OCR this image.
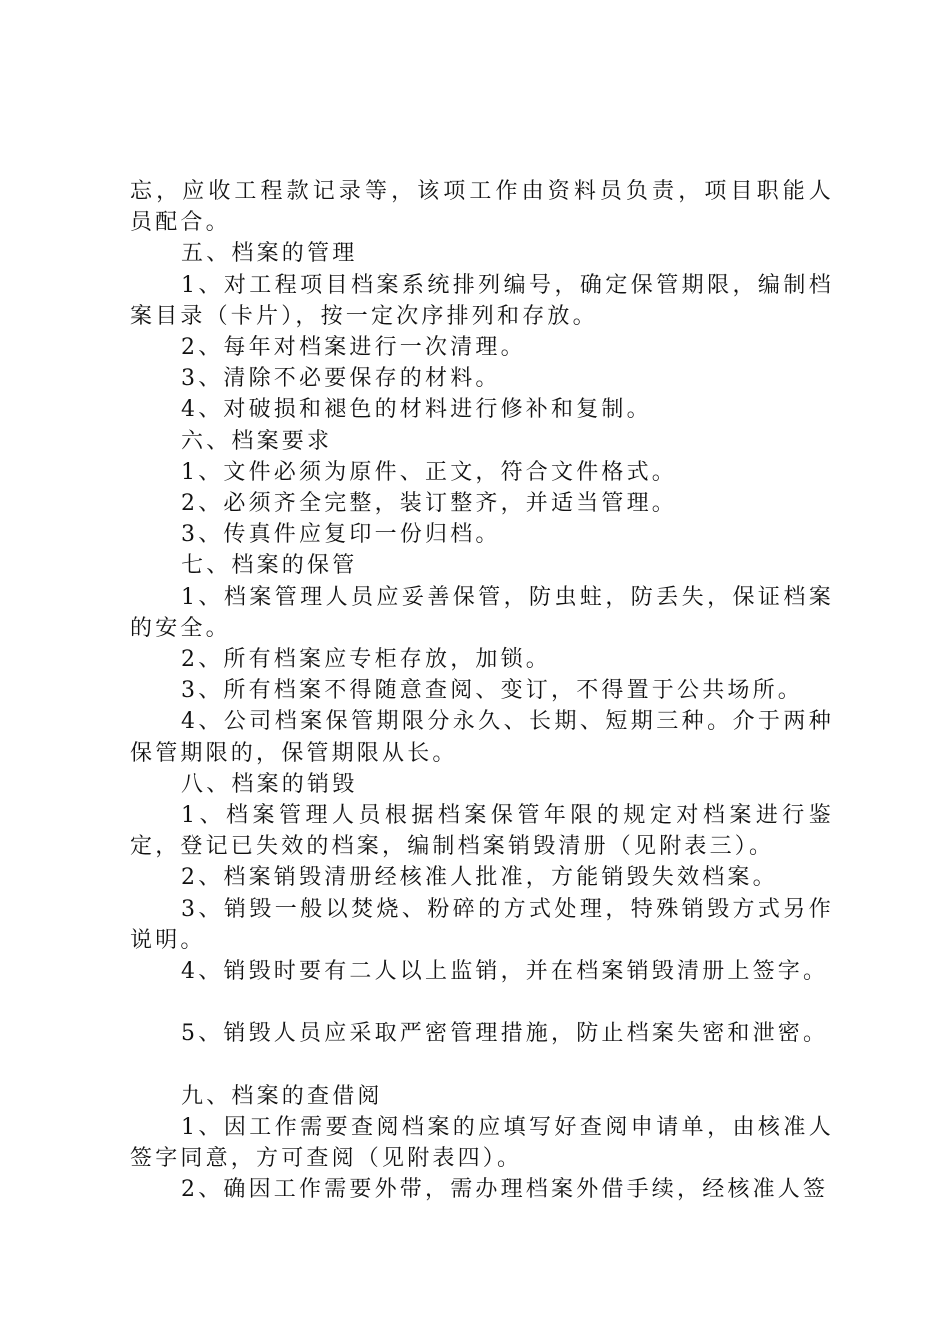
忘，应收工程款记录等，该项工作由资料员负责，项目职能人员配合。

五、档案的管理

1、对工程项目档案系统排列编号，确定保管期限，编制档案目录（卡片），按一定次序排列和存放。

2、每年对档案进行一次清理。

3、清除不必要保存的材料。

4、对破损和褪色的材料进行修补和复制。

六、档案要求

1、文件必须为原件、正文，符合文件格式。

2、必须齐全完整，装订整齐，并适当管理。

3、传真件应复印一份归档。

七、档案的保管

1、档案管理人员应妥善保管，防虫蛀，防丢失，保证档案的安全。

2、所有档案应专柜存放，加锁。

3、所有档案不得随意查阅、变订，不得置于公共场所。

4、公司档案保管期限分永久、长期、短期三种。介于两种保管期限的，保管期限从长。

八、档案的销毁

1、档案管理人员根据档案保管年限的规定对档案进行鉴定，登记已失效的档案，编制档案销毁清册（见附表三）。

2、档案销毁清册经核准人批准，方能销毁失效档案。

3、销毁一般以焚烧、粉碎的方式处理，特殊销毁方式另作说明。

4、销毁时要有二人以上监销，并在档案销毁清册上签字。

5、销毁人员应采取严密管理措施，防止档案失密和泄密。

九、档案的查借阅

1、因工作需要查阅档案的应填写好查阅申请单，由核准人签字同意，方可查阅（见附表四）。

2、确因工作需要外带，需办理档案外借手续，经核准人签
